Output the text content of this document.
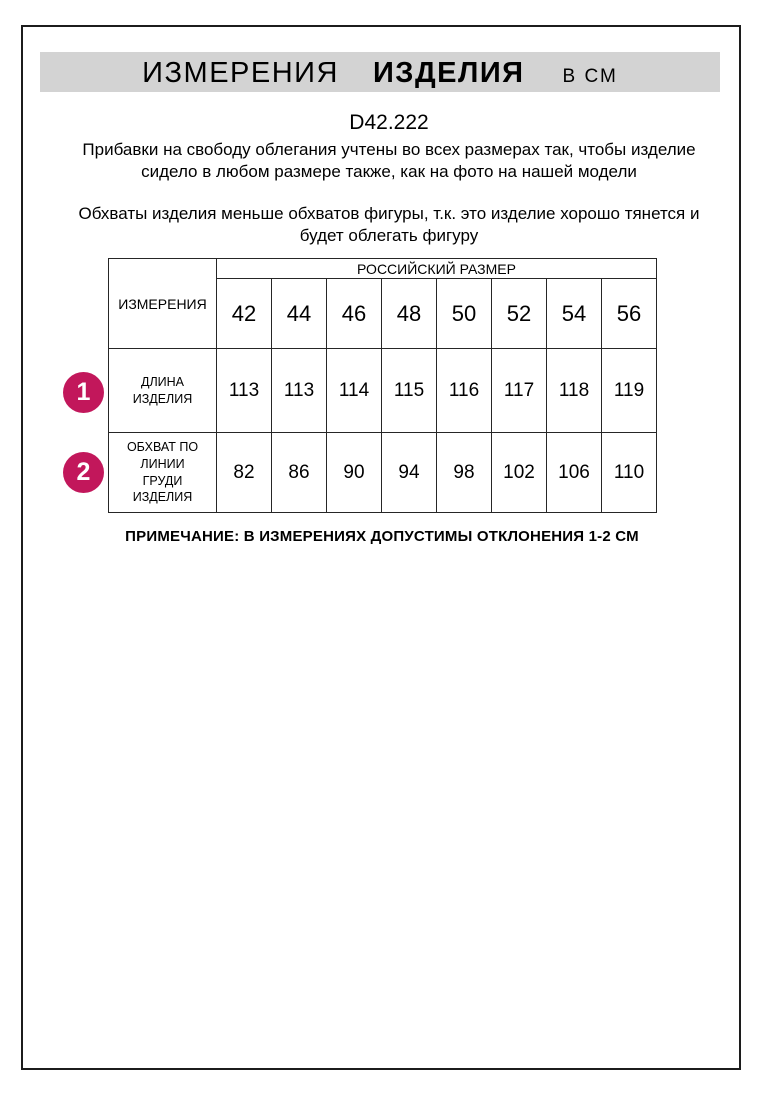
ИЗМЕРЕНИЯ ИЗДЕЛИЯ В СМ
D42.222
Прибавки на свободу облегания учтены во всех размерах так, чтобы изделие сидело в любом размере также, как на фото на нашей модели
Обхваты изделия меньше обхватов фигуры, т.к. это изделие хорошо тянется и будет облегать фигуру
ИЗМЕРЕНИЯ	РОССИЙСКИЙ РАЗМЕР							
	42	44	46	48	50	52	54	56
ДЛИНА ИЗДЕЛИЯ	113	113	114	115	116	117	118	119
ОБХВАТ ПО ЛИНИИ ГРУДИ ИЗДЕЛИЯ	82	86	90	94	98	102	106	110
1
2
ПРИМЕЧАНИЕ: В ИЗМЕРЕНИЯХ ДОПУСТИМЫ ОТКЛОНЕНИЯ 1-2 СМ
